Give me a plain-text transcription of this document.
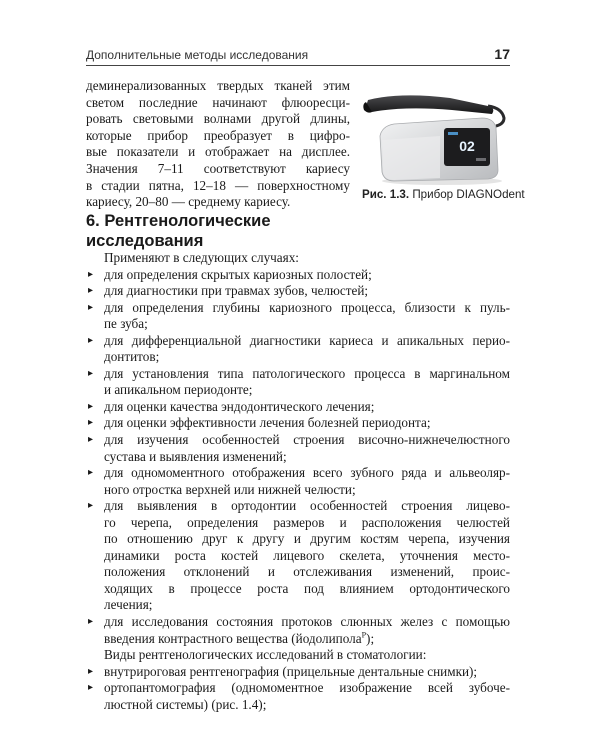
Дополнительные методы исследования	17

деминерализованных твердых тканей этим
светом последние начинают флюоресци-
ровать световыми волнами другой длины,
которые прибор преобразует в цифро-
вые показатели и отображает на дисплее.
Значения 7–11 соответствуют кариесу
в стадии пятна, 12–18 — поверхностному
кариесу, 20–80 — среднему кариесу.

02
Рис. 1.3. Прибор DIAGNOdent
6. Рентгенологические
исследования

Применяют в следующих случаях:

▸ для определения скрытых кариозных полостей;
▸ для диагностики при травмах зубов, челюстей;
▸ для определения глубины кариозного процесса, близости к пуль-
пе зуба;
▸ для дифференциальной диагностики кариеса и апикальных перио-
донтитов;
▸ для установления типа патологического процесса в маргинальном
и апикальном периодонте;
▸ для оценки качества эндодонтического лечения;
▸ для оценки эффективности лечения болезней периодонта;
▸ для изучения особенностей строения височно-нижнечелюстного
сустава и выявления изменений;
▸ для одномоментного отображения всего зубного ряда и альвеоляр-
ного отростка верхней или нижней челюсти;
▸ для выявления в ортодонтии особенностей строения лицево-
го черепа, определения размеров и расположения челюстей
по отношению друг к другу и другим костям черепа, изучения
динамики роста костей лицевого скелета, уточнения место-
положения отклонений и отслеживания изменений, проис-
ходящих в процессе роста под влиянием ортодонтического
лечения;
▸ для исследования состояния протоков слюнных желез с помощью
введения контрастного вещества (йодолипола$^Р$);

Виды рентгенологических исследований в стоматологии:

▸ внутрироговая рентгенография (прицельные дентальные снимки);
▸ ортопантомография (одномоментное изображение всей зубоче-
люстной системы) (рис. 1.4);
